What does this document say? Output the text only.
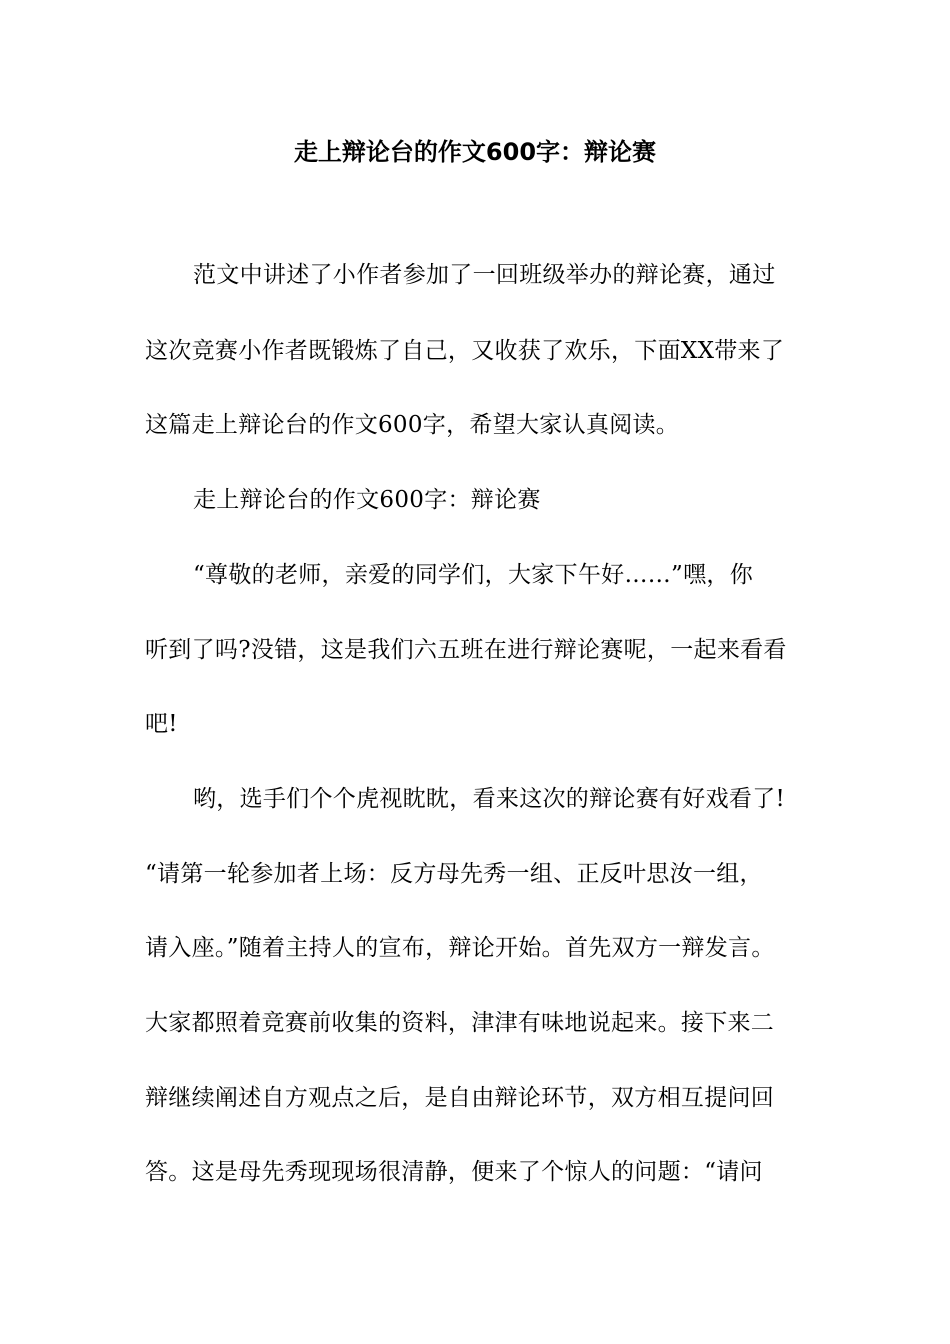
走上辩论台的作文600字：辩论赛
范文中讲述了小作者参加了一回班级举办的辩论赛，通过
这次竞赛小作者既锻炼了自己，又收获了欢乐，下面XX带来了
这篇走上辩论台的作文600字，希望大家认真阅读。
走上辩论台的作文600字：辩论赛
“尊敬的老师，亲爱的同学们，大家下午好……”嘿，你
听到了吗?没错，这是我们六五班在进行辩论赛呢，一起来看看
吧!
哟，选手们个个虎视眈眈，看来这次的辩论赛有好戏看了!
“请第一轮参加者上场：反方母先秀一组、正反叶思汝一组，
请入座。”随着主持人的宣布，辩论开始。首先双方一辩发言。
大家都照着竞赛前收集的资料，津津有味地说起来。接下来二
辩继续阐述自方观点之后，是自由辩论环节，双方相互提问回
答。这是母先秀现现场很清静，便来了个惊人的问题：“请问
